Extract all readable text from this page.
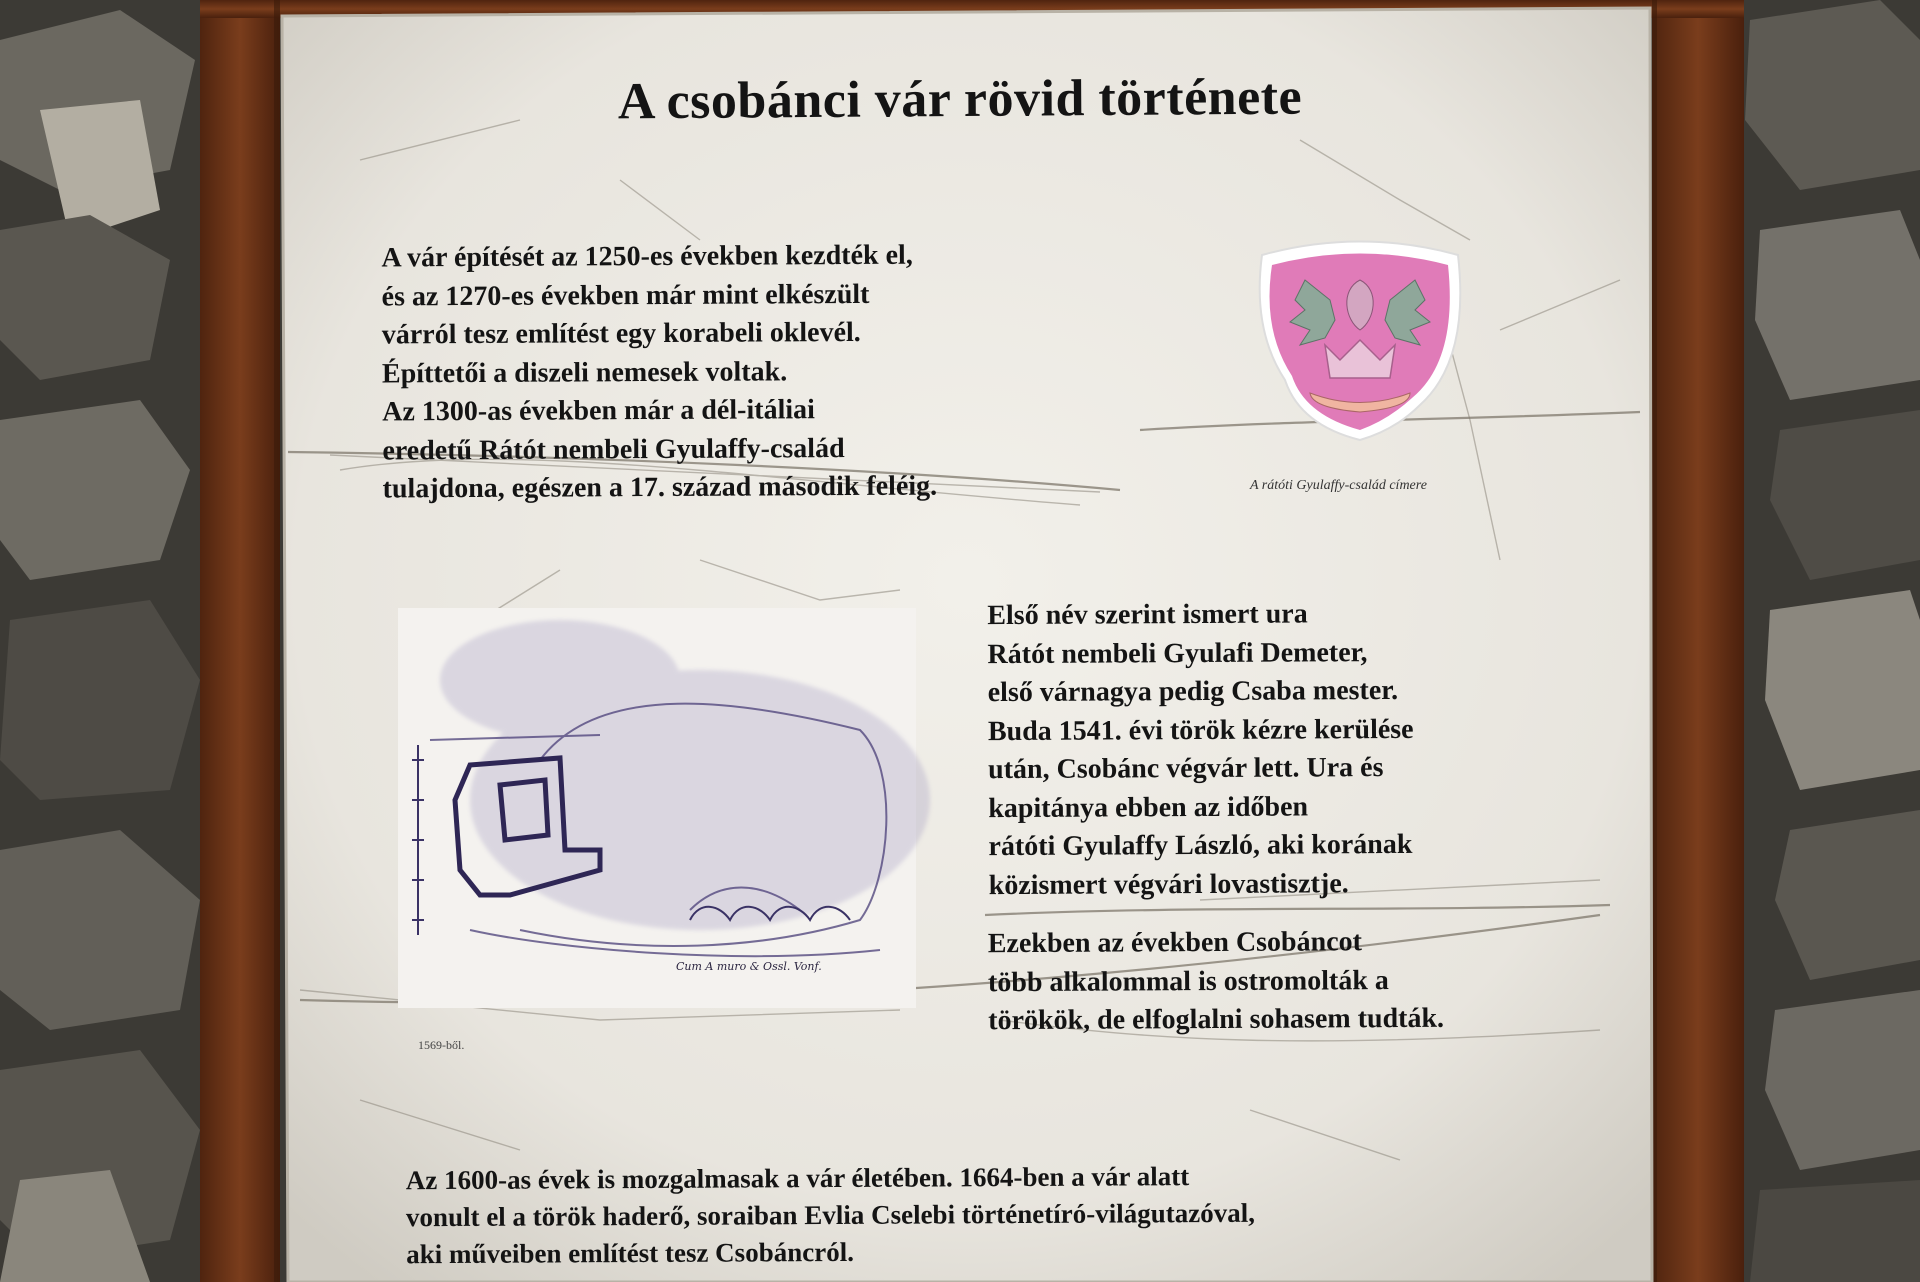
A csobánci vár rövid története
A vár építését az 1250-es években kezdték el,
és az 1270-es években már mint elkészült
várról tesz említést egy korabeli oklevél.
Építtetői a diszeli nemesek voltak.
Az 1300-as években már a dél-itáliai
eredetű Rátót nembeli Gyulaffy-család
tulajdona, egészen a 17. század második feléig.	A rátóti Gyulaffy-család címere
Első név szerint ismert ura
Rátót nembeli Gyulafi Demeter,
első várnagya pedig Csaba mester.
Buda 1541. évi török kézre kerülése
után, Csobánc végvár lett. Ura és
kapitánya ebben az időben
rátóti Gyulaffy László, aki korának
közismert végvári lovastisztje.
Ezekben az években Csobáncot
több alkalommal is ostromolták a
törökök, de elfoglalni sohasem tudták.
1569-ből.
Cum A muro & Ossl. Vonf.
Az 1600-as évek is mozgalmasak a vár életében. 1664-ben a vár alatt
vonult el a török haderő, soraiban Evlia Cselebi történetíró-világutazóval,
aki műveiben említést tesz Csobáncról.
